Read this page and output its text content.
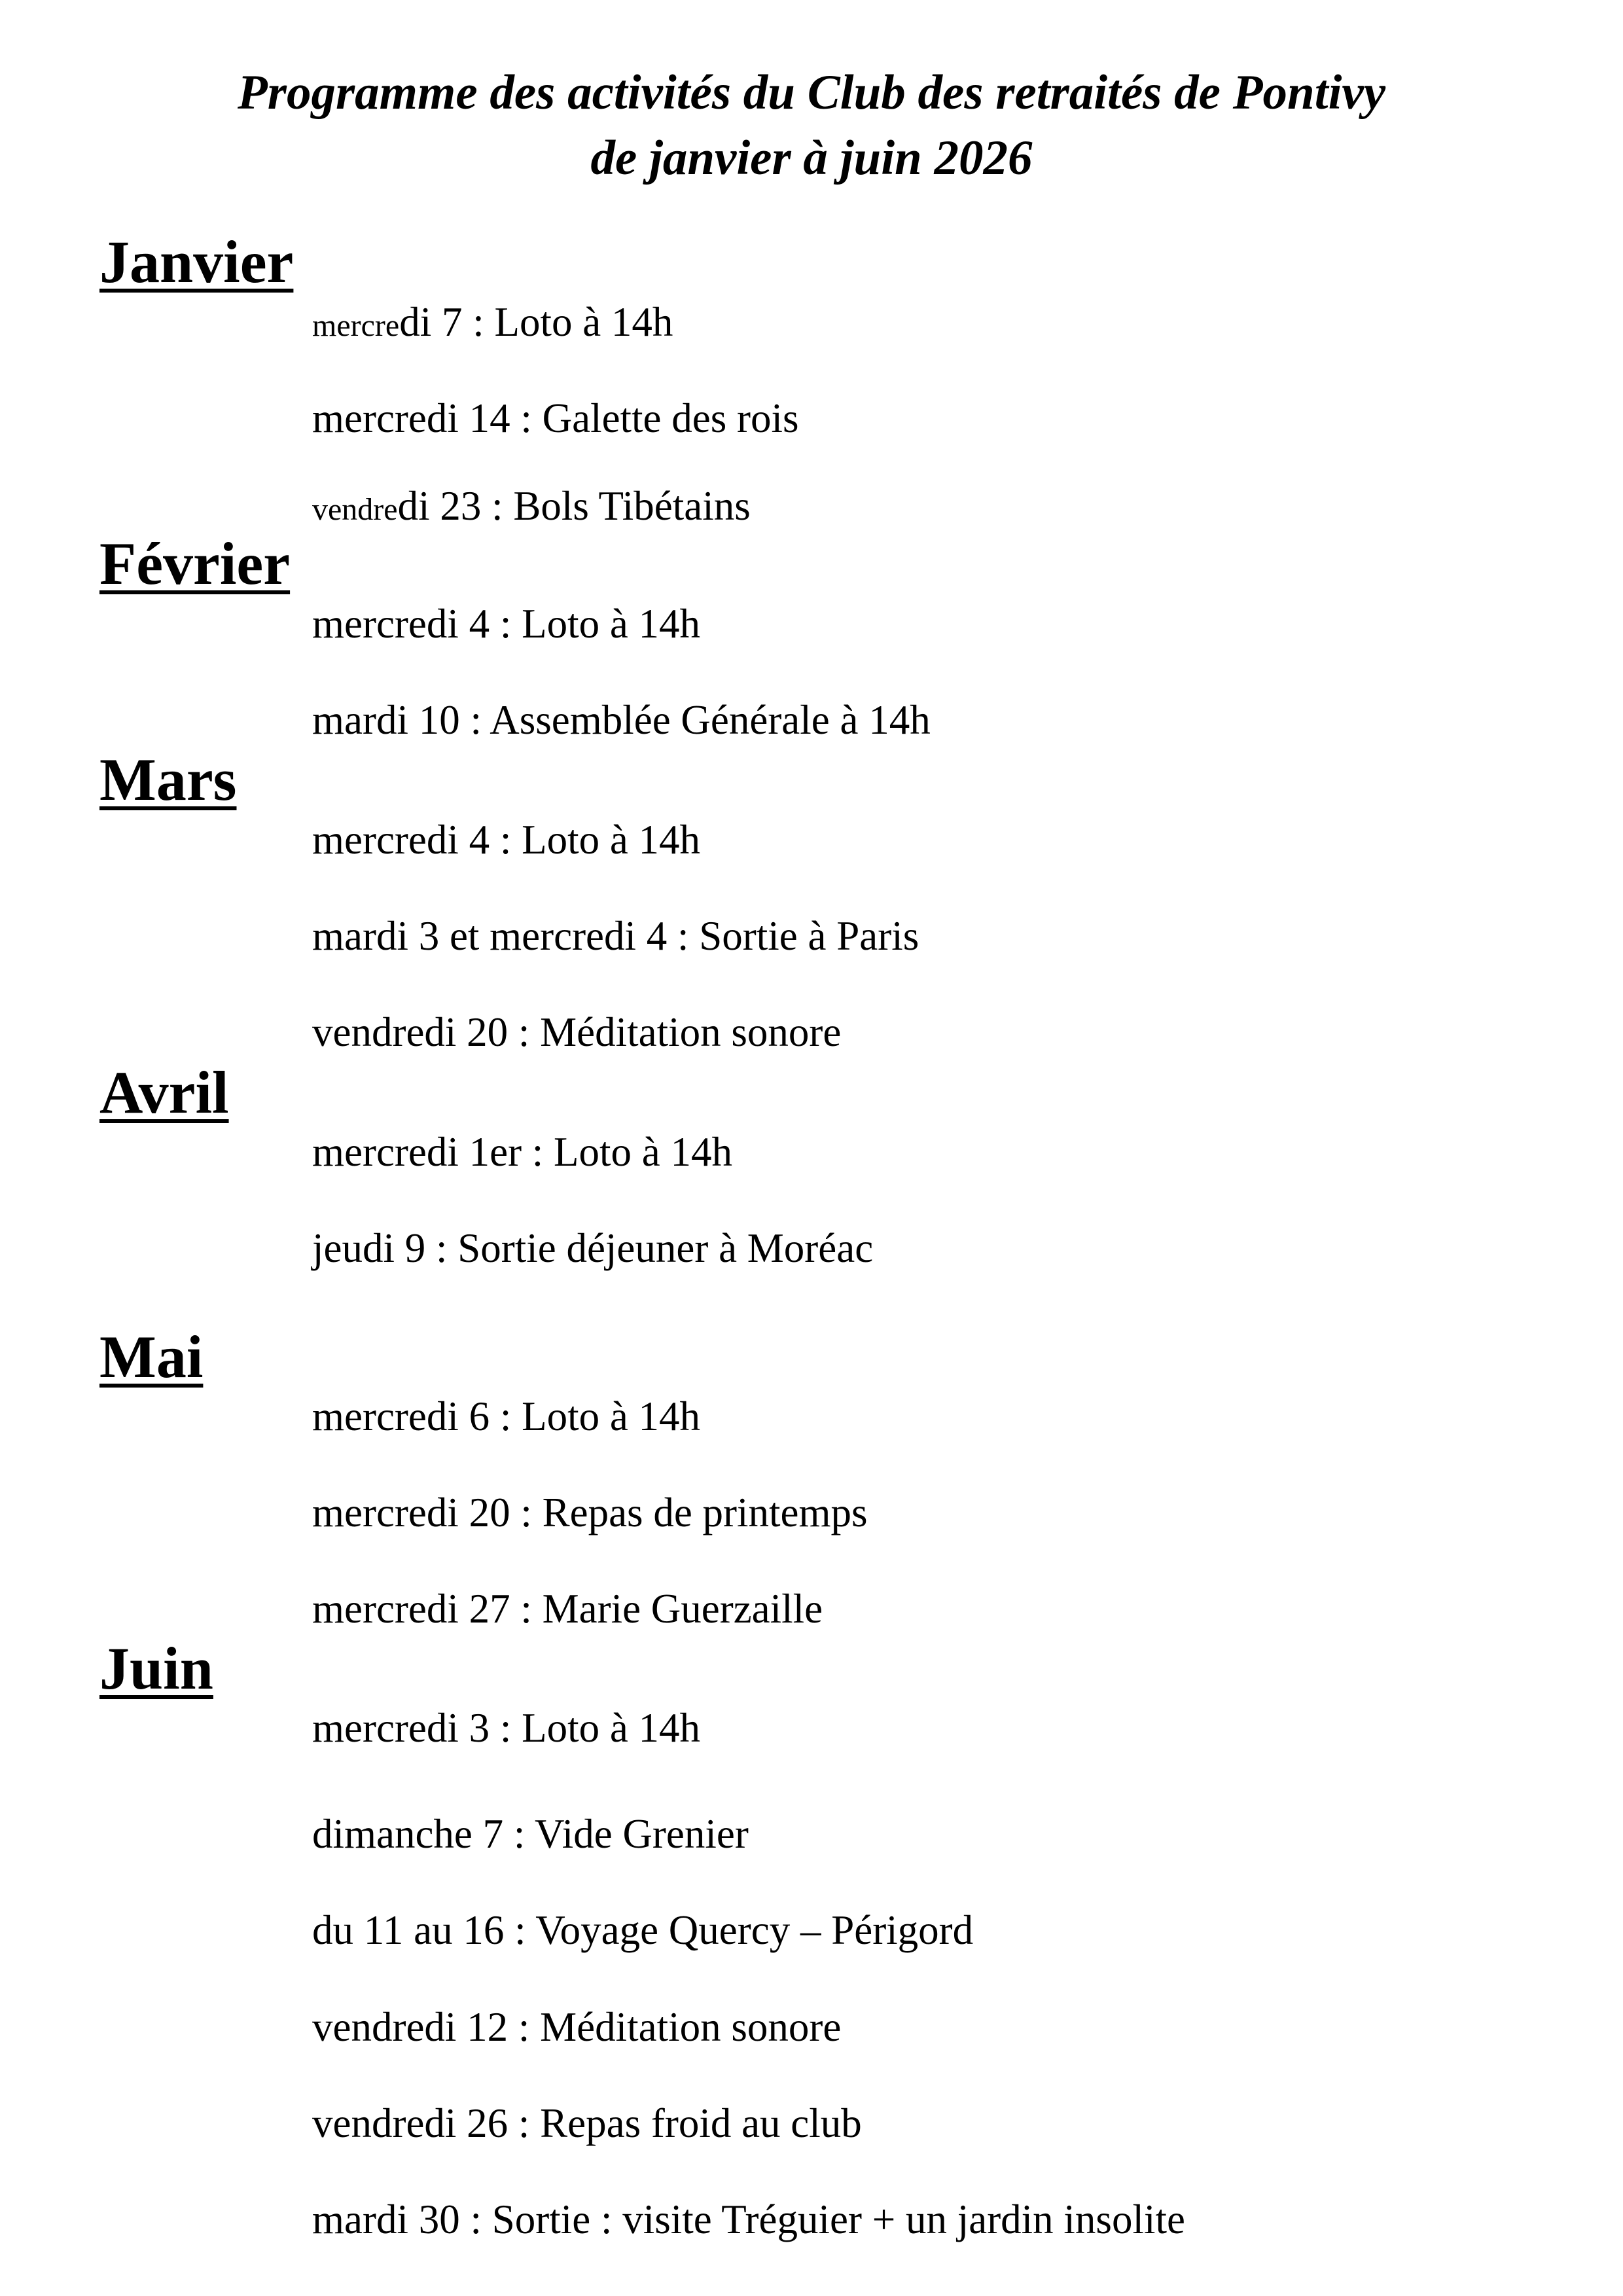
Programme des activités du Club des retraités de Pontivy
de janvier à juin 2026
Janvier

mercredi 7 : Loto à 14h

mercredi 14 : Galette des rois

vendredi 23 : Bols Tibétains

Février

mercredi 4 : Loto à 14h

mardi 10 : Assemblée Générale à 14h

Mars

mercredi 4 : Loto à 14h

mardi 3 et mercredi 4 : Sortie à Paris

vendredi 20 : Méditation sonore

Avril

mercredi 1er : Loto à 14h

jeudi 9 : Sortie déjeuner à Moréac

Mai

mercredi 6 : Loto à 14h

mercredi 20 : Repas de printemps

mercredi 27 : Marie Guerzaille

Juin

mercredi 3 : Loto à 14h

dimanche 7 : Vide Grenier

du 11 au 16 : Voyage Quercy – Périgord

vendredi 12 : Méditation sonore

vendredi 26 : Repas froid au club

mardi 30 : Sortie : visite Tréguier + un jardin insolite
